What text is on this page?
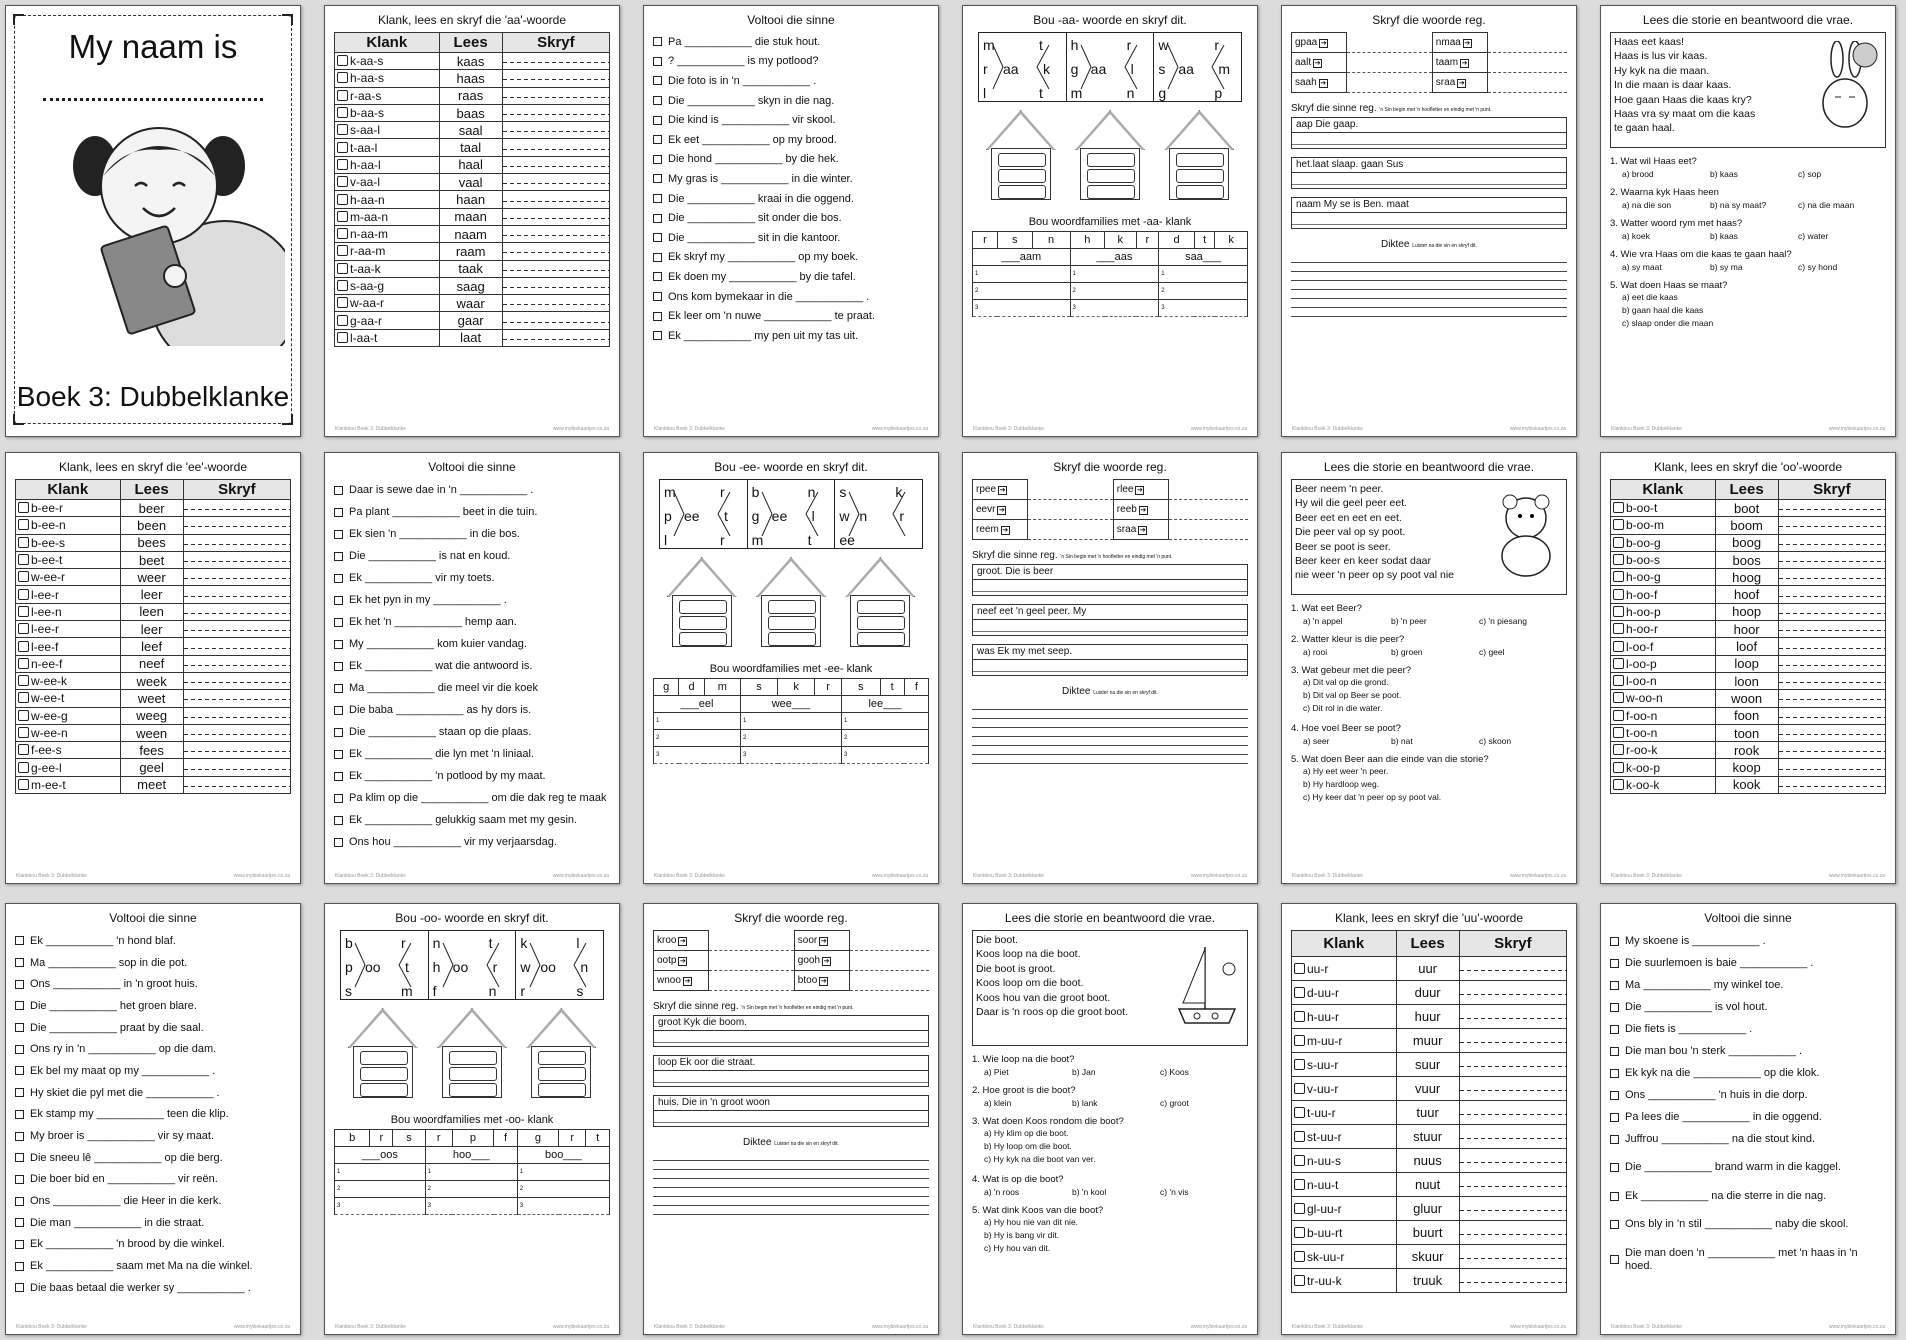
My naam is
Boek 3: Dubbelklanke
Klank, lees en skryf die 'aa'-woorde
Klank	Lees	Skryf
k-aa-s	kaas	
h-aa-s	haas	
r-aa-s	raas	
b-aa-s	baas	
s-aa-l	saal	
t-aa-l	taal	
h-aa-l	haal	
v-aa-l	vaal	
h-aa-n	haan	
m-aa-n	maan	
n-aa-m	naam	
r-aa-m	raam	
t-aa-k	taak	
s-aa-g	saag	
w-aa-r	waar	
g-aa-r	gaar	
l-aa-t	laat	
Klankbou Boek 3: Dubbelklanke	www.mybiekaartjes.co.za
Voltooi die sinne
Pa ___________ die stuk hout.
? ___________ is my potlood?
Die foto is in 'n ___________ .
Die ___________ skyn in die nag.
Die kind is ___________ vir skool.
Ek eet ___________ op my brood.
Die hond ___________ by die hek.
My gras is ___________ in die winter.
Die ___________ kraai in die oggend.
Die ___________ sit onder die bos.
Die ___________ sit in die kantoor.
Ek skryf my ___________ op my boek.
Ek doen my ___________ by die tafel.
Ons kom bymekaar in die ___________ .
Ek leer om 'n nuwe ___________ te praat.
Ek ___________ my pen uit my tas uit.
Klankbou Boek 3: Dubbelklanke	www.mybiekaartjes.co.za
Bou -aa- woorde en skryf dit.
m
r
l
aa
t
k
t
h
g
m
aa
r
l
n
w
s
g
aa
r
m
p
Bou woordfamilies met -aa- klank
r	s	n	h	k	r	d	t	k
___aam			___aas			saa___		
1			1			1		
2			2			2		
3			3			3		
Klankbou Boek 3: Dubbelklanke	www.mybiekaartjes.co.za
Skryf die woorde reg.
gpaa ➔		nmaa ➔	
aalt ➔		taam ➔	
saah ➔		sraa ➔	
Skryf die sinne reg. 'n Sin begin met 'n hoofletter en eindig met 'n punt.
aap Die gaap.
het.laat slaap. gaan Sus
naam My se is Ben. maat
Diktee Luister na die sin en skryf dit.
Klankbou Boek 3: Dubbelklanke	www.mybiekaartjes.co.za
Lees die storie en beantwoord die vrae.
Haas eet kaas!
Haas is lus vir kaas.
Hy kyk na die maan.
In die maan is daar kaas.
Hoe gaan Haas die kaas kry?
Haas vra sy maat om die kaas
te gaan haal.
1. Wat wil Haas eet?
a) brood	b) kaas	c) sop
2. Waarna kyk Haas heen
a) na die son	b) na sy maat?	c) na die maan
3. Watter woord rym met haas?
a) koek	b) kaas	c) water
4. Wie vra Haas om die kaas te gaan haal?
a) sy maat	b) sy ma	c) sy hond
5. Wat doen Haas se maat?
a) eet die kaas
b) gaan haal die kaas
c) slaap onder die maan
Klankbou Boek 3: Dubbelklanke	www.mybiekaartjes.co.za
Klank, lees en skryf die 'ee'-woorde
Klank	Lees	Skryf
b-ee-r	beer	
b-ee-n	been	
b-ee-s	bees	
b-ee-t	beet	
w-ee-r	weer	
l-ee-r	leer	
l-ee-n	leen	
l-ee-r	leer	
l-ee-f	leef	
n-ee-f	neef	
w-ee-k	week	
w-ee-t	weet	
w-ee-g	weeg	
w-ee-n	ween	
f-ee-s	fees	
g-ee-l	geel	
m-ee-t	meet	
Klankbou Boek 3: Dubbelklanke	www.mybiekaartjes.co.za
Voltooi die sinne
Daar is sewe dae in 'n ___________ .
Pa plant ___________ beet in die tuin.
Ek sien 'n ___________ in die bos.
Die ___________ is nat en koud.
Ek ___________ vir my toets.
Ek het pyn in my ___________ .
Ek het 'n ___________ hemp aan.
My ___________ kom kuier vandag.
Ek ___________ wat die antwoord is.
Ma ___________ die meel vir die koek
Die baba ___________ as hy dors is.
Die ___________ staan op die plaas.
Ek ___________ die lyn met 'n liniaal.
Ek ___________ 'n potlood by my maat.
Pa klim op die ___________ om die dak reg te maak
Ek ___________ gelukkig saam met my gesin.
Ons hou ___________ vir my verjaarsdag.
Klankbou Boek 3: Dubbelklanke	www.mybiekaartjes.co.za
Bou -ee- woorde en skryf dit.
m
p
l
ee
r
t
r
b
g
m
ee
n
l
t
s
w
ee
n
k
r
Bou woordfamilies met -ee- klank
g	d	m	s	k	r	s	t	f
___eel			wee___			lee___		
1			1			1		
2			2			2		
3			3			3		
Klankbou Boek 3: Dubbelklanke	www.mybiekaartjes.co.za
Skryf die woorde reg.
rpee ➔		rlee ➔	
eevr ➔		reeb ➔	
reem ➔		sraa ➔	
Skryf die sinne reg. 'n Sin begin met 'n hoofletter en eindig met 'n punt.
groot. Die is beer
neef eet 'n geel peer. My
was Ek my met seep.
Diktee Luister na die sin en skryf dit.
Klankbou Boek 3: Dubbelklanke	www.mybiekaartjes.co.za
Lees die storie en beantwoord die vrae.
Beer neem 'n peer.
Hy wil die geel peer eet.
Beer eet en eet en eet.
Die peer val op sy poot.
Beer se poot is seer.
Beer keer en keer sodat daar
nie weer 'n peer op sy poot val nie
1. Wat eet Beer?
a) 'n appel	b) 'n peer	c) 'n piesang
2. Watter kleur is die peer?
a) rooi	b) groen	c) geel
3. Wat gebeur met die peer?
a) Dit val op die grond.
b) Dit val op Beer se poot.
c) Dit rol in die water.
4. Hoe voel Beer se poot?
a) seer	b) nat	c) skoon
5. Wat doen Beer aan die einde van die storie?
a) Hy eet weer 'n peer.
b) Hy hardloop weg.
c) Hy keer dat 'n peer op sy poot val.
Klankbou Boek 3: Dubbelklanke	www.mybiekaartjes.co.za
Klank, lees en skryf die 'oo'-woorde
Klank	Lees	Skryf
b-oo-t	boot	
b-oo-m	boom	
b-oo-g	boog	
b-oo-s	boos	
h-oo-g	hoog	
h-oo-f	hoof	
h-oo-p	hoop	
h-oo-r	hoor	
l-oo-f	loof	
l-oo-p	loop	
l-oo-n	loon	
w-oo-n	woon	
f-oo-n	foon	
t-oo-n	toon	
r-oo-k	rook	
k-oo-p	koop	
k-oo-k	kook	
Klankbou Boek 3: Dubbelklanke	www.mybiekaartjes.co.za
Voltooi die sinne
Ek ___________ 'n hond blaf.
Ma ___________ sop in die pot.
Ons ___________ in 'n groot huis.
Die ___________ het groen blare.
Die ___________ praat by die saal.
Ons ry in 'n ___________ op die dam.
Ek bel my maat op my ___________ .
Hy skiet die pyl met die ___________ .
Ek stamp my ___________ teen die klip.
My broer is ___________ vir sy maat.
Die sneeu lê ___________ op die berg.
Die boer bid en ___________ vir reën.
Ons ___________ die Heer in die kerk.
Die man ___________ in die straat.
Ek ___________ 'n brood by die winkel.
Ek ___________ saam met Ma na die winkel.
Die baas betaal die werker sy ___________ .
Klankbou Boek 3: Dubbelklanke	www.mybiekaartjes.co.za
Bou -oo- woorde en skryf dit.
b
p
s
oo
r
t
m
n
h
f
oo
t
r
n
k
w
r
oo
l
n
s
Bou woordfamilies met -oo- klank
b	r	s	r	p	f	g	r	t
___oos			hoo___			boo___		
1			1			1		
2			2			2		
3			3			3		
Klankbou Boek 3: Dubbelklanke	www.mybiekaartjes.co.za
Skryf die woorde reg.
kroo ➔		soor ➔	
ootp ➔		gooh ➔	
wnoo ➔		btoo ➔	
Skryf die sinne reg. 'n Sin begin met 'n hoofletter en eindig met 'n punt.
groot Kyk die boom.
loop Ek oor die straat.
huis. Die in 'n groot woon
Diktee Luister na die sin en skryf dit.
Klankbou Boek 3: Dubbelklanke	www.mybiekaartjes.co.za
Lees die storie en beantwoord die vrae.
Die boot.
Koos loop na die boot.
Die boot is groot.
Koos loop om die boot.
Koos hou van die groot boot.
Daar is 'n roos op die groot boot.
1. Wie loop na die boot?
a) Piet	b) Jan	c) Koos
2. Hoe groot is die boot?
a) klein	b) lank	c) groot
3. Wat doen Koos rondom die boot?
a) Hy klim op die boot.
b) Hy loop om die boot.
c) Hy kyk na die boot van ver.
4. Wat is op die boot?
a) 'n roos	b) 'n kool	c) 'n vis
5. Wat dink Koos van die boot?
a) Hy hou nie van dit nie.
b) Hy is bang vir dit.
c) Hy hou van dit.
Klankbou Boek 3: Dubbelklanke	www.mybiekaartjes.co.za
Klank, lees en skryf die 'uu'-woorde
Klank	Lees	Skryf
uu-r	uur	
d-uu-r	duur	
h-uu-r	huur	
m-uu-r	muur	
s-uu-r	suur	
v-uu-r	vuur	
t-uu-r	tuur	
st-uu-r	stuur	
n-uu-s	nuus	
n-uu-t	nuut	
gl-uu-r	gluur	
b-uu-rt	buurt	
sk-uu-r	skuur	
tr-uu-k	truuk	
Klankbou Boek 3: Dubbelklanke	www.mybiekaartjes.co.za
Voltooi die sinne
My skoene is ___________ .
Die suurlemoen is baie ___________ .
Ma ___________ my winkel toe.
Die ___________ is vol hout.
Die fiets is ___________ .
Die man bou 'n sterk ___________ .
Ek kyk na die ___________ op die klok.
Ons ___________ 'n huis in die dorp.
Pa lees die ___________ in die oggend.
Juffrou ___________ na die stout kind.
Die ___________ brand warm in die kaggel.
Ek ___________ na die sterre in die nag.
Ons bly in 'n stil ___________ naby die skool.
Die man doen 'n ___________ met 'n haas in 'n hoed.
Klankbou Boek 3: Dubbelklanke	www.mybiekaartjes.co.za
